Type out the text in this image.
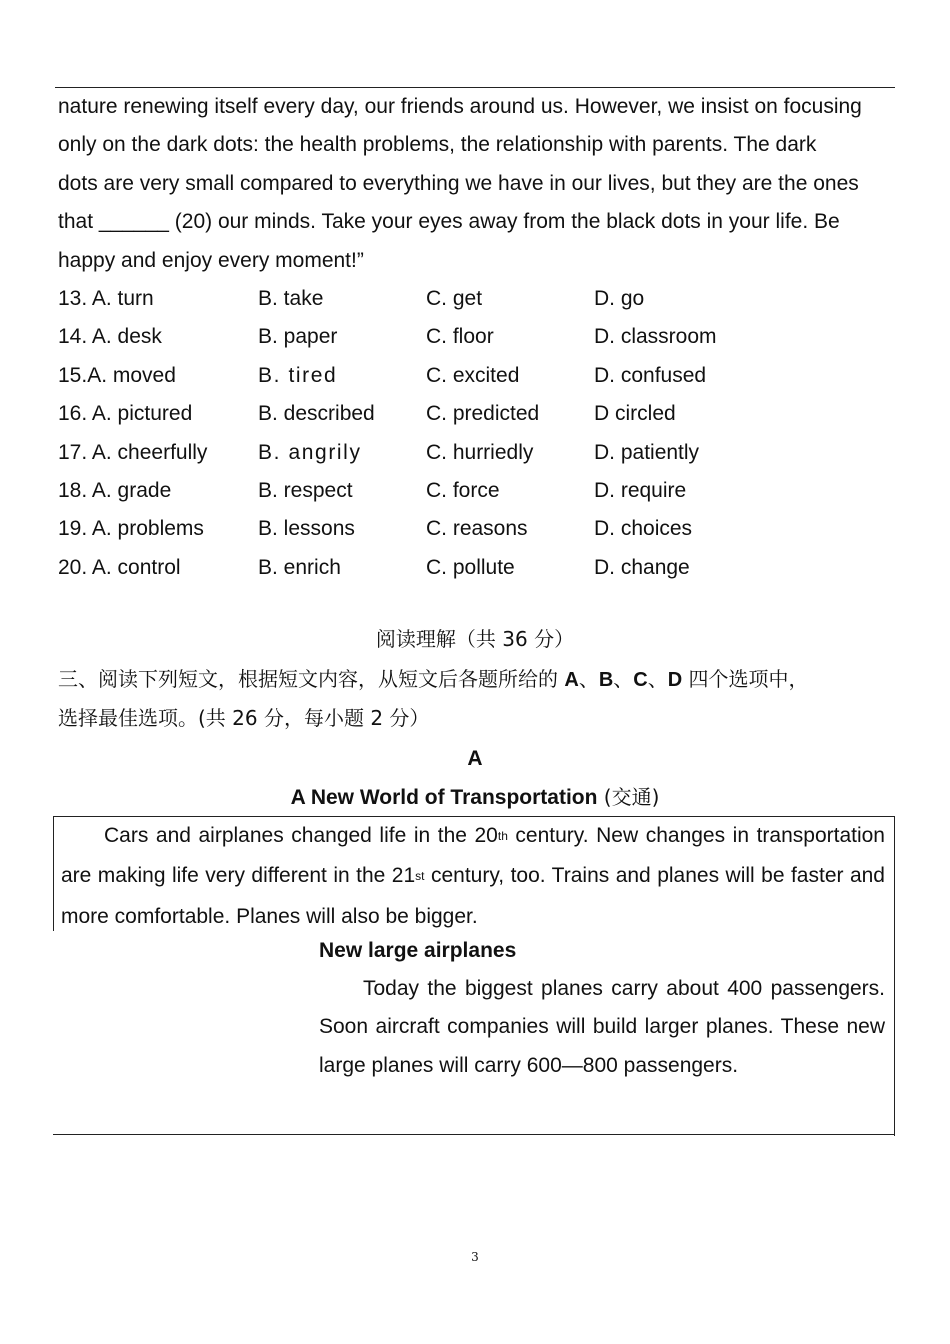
nature renewing itself every day, our friends around us. However, we insist on focusing

only on the dark dots: the health problems, the relationship with parents. The dark

dots are very small compared to everything we have in our lives, but they are the ones

that ______ (20) our minds. Take your eyes away from the black dots in your life. Be

happy and enjoy every moment!”

13. A. turn	B. take	C. get	D. go
14. A. desk	B. paper	C. floor	D. classroom
15.A. moved	B. tired	C. excited	D. confused
16. A. pictured	B. described	C. predicted	D circled
17. A. cheerfully	B. angrily	C. hurriedly	D. patiently
18. A. grade	B. respect	C. force	D. require
19. A. problems	B. lessons	C. reasons	D. choices
20. A. control	B. enrich	C. pollute	D. change
阅读理解（共 36 分）
三、阅读下列短文，根据短文内容，从短文后各题所给的 A、B、C、D 四个选项中，
选择最佳选项。(共 26 分，每小题 2 分）
A
A New World of Transportation (交通)

Cars and airplanes changed life in the 20th century. New changes in transportation are making life very different in the 21st century, too. Trains and planes will be faster and more comfortable. Planes will also be bigger.

New large airplanes

Today the biggest planes carry about 400 passengers. Soon aircraft companies will build larger planes. These new large planes will carry 600—800 passengers.

3
